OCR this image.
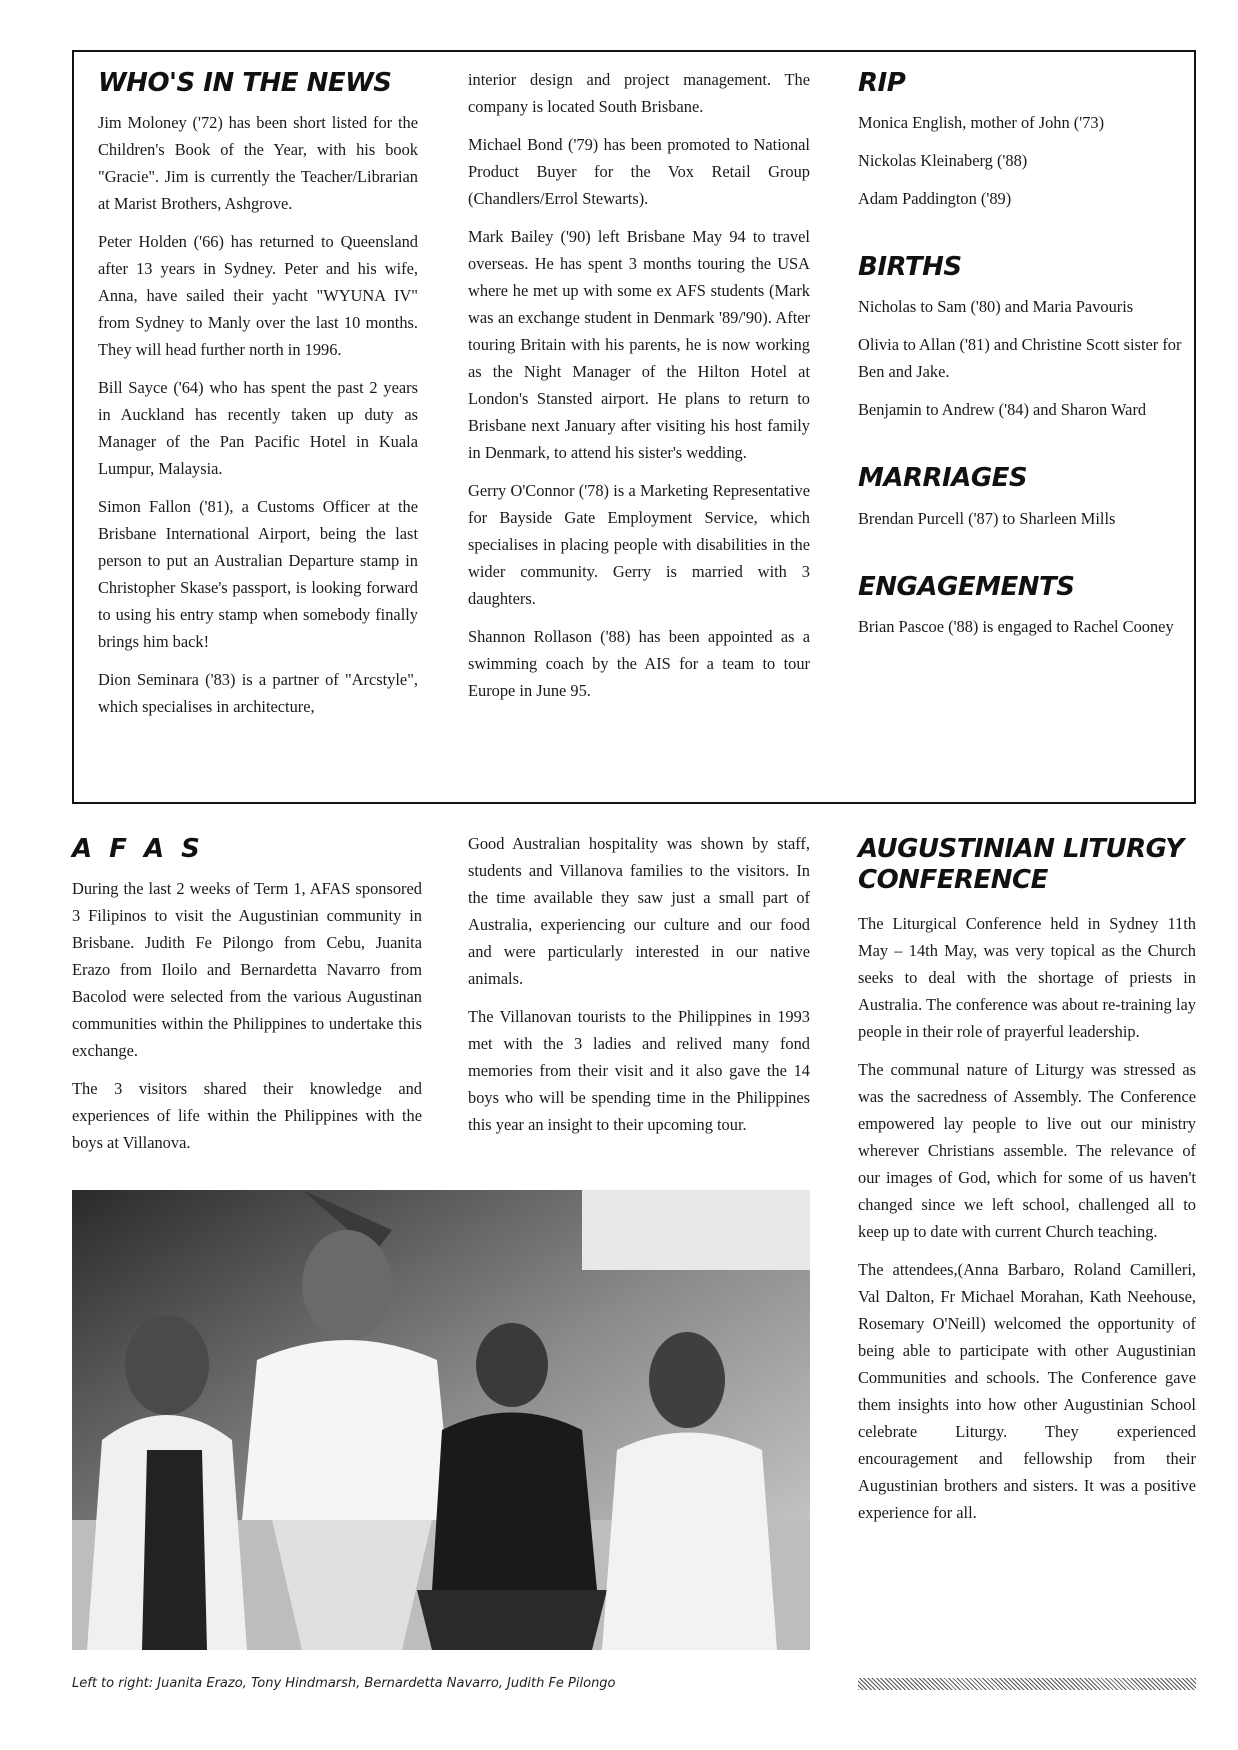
WHO'S IN THE NEWS

Jim Moloney ('72) has been short listed for the Children's Book of the Year, with his book "Gracie". Jim is currently the Teacher/Librarian at Marist Brothers, Ashgrove.

Peter Holden ('66) has returned to Queensland after 13 years in Sydney. Peter and his wife, Anna, have sailed their yacht "WYUNA IV" from Sydney to Manly over the last 10 months. They will head further north in 1996.

Bill Sayce ('64) who has spent the past 2 years in Auckland has recently taken up duty as Manager of the Pan Pacific Hotel in Kuala Lumpur, Malaysia.

Simon Fallon ('81), a Customs Officer at the Brisbane International Airport, being the last person to put an Australian Departure stamp in Christopher Skase's passport, is looking forward to using his entry stamp when somebody finally brings him back!

Dion Seminara ('83) is a partner of "Arcstyle", which specialises in architecture,

interior design and project management. The company is located South Brisbane.

Michael Bond ('79) has been promoted to National Product Buyer for the Vox Retail Group (Chandlers/Errol Stewarts).

Mark Bailey ('90) left Brisbane May 94 to travel overseas. He has spent 3 months touring the USA where he met up with some ex AFS students (Mark was an exchange student in Denmark '89/'90). After touring Britain with his parents, he is now working as the Night Manager of the Hilton Hotel at London's Stansted airport. He plans to return to Brisbane next January after visiting his host family in Denmark, to attend his sister's wedding.

Gerry O'Connor ('78) is a Marketing Representative for Bayside Gate Employment Service, which specialises in placing people with disabilities in the wider community. Gerry is married with 3 daughters.

Shannon Rollason ('88) has been appointed as a swimming coach by the AIS for a team to tour Europe in June 95.

RIP

Monica English, mother of John ('73)

Nickolas Kleinaberg ('88)

Adam Paddington ('89)

BIRTHS

Nicholas to Sam ('80) and Maria Pavouris

Olivia to Allan ('81) and Christine Scott sister for Ben and Jake.

Benjamin to Andrew ('84) and Sharon Ward

MARRIAGES

Brendan Purcell ('87) to Sharleen Mills

ENGAGEMENTS

Brian Pascoe ('88) is engaged to Rachel Cooney

A F A S

During the last 2 weeks of Term 1, AFAS sponsored 3 Filipinos to visit the Augustinian community in Brisbane. Judith Fe Pilongo from Cebu, Juanita Erazo from Iloilo and Bernardetta Navarro from Bacolod were selected from the various Augustinan communities within the Philippines to undertake this exchange.

The 3 visitors shared their knowledge and experiences of life within the Philippines with the boys at Villanova.

Good Australian hospitality was shown by staff, students and Villanova families to the visitors. In the time available they saw just a small part of Australia, experiencing our culture and our food and were particularly interested in our native animals.

The Villanovan tourists to the Philippines in 1993 met with the 3 ladies and relived many fond memories from their visit and it also gave the 14 boys who will be spending time in the Philippines this year an insight to their upcoming tour.

Left to right: Juanita Erazo, Tony Hindmarsh, Bernardetta Navarro, Judith Fe Pilongo
AUGUSTINIAN LITURGY
CONFERENCE

The Liturgical Conference held in Sydney 11th May – 14th May, was very topical as the Church seeks to deal with the shortage of priests in Australia. The conference was about re-training lay people in their role of prayerful leadership.

The communal nature of Liturgy was stressed as was the sacredness of Assembly. The Conference empowered lay people to live out our ministry wherever Christians assemble. The relevance of our images of God, which for some of us haven't changed since we left school, challenged all to keep up to date with current Church teaching.

The attendees,(Anna Barbaro, Roland Camilleri, Val Dalton, Fr Michael Morahan, Kath Neehouse, Rosemary O'Neill) welcomed the opportunity of being able to participate with other Augustinian Communities and schools. The Conference gave them insights into how other Augustinian School celebrate Liturgy. They experienced encouragement and fellowship from their Augustinian brothers and sisters. It was a positive experience for all.
